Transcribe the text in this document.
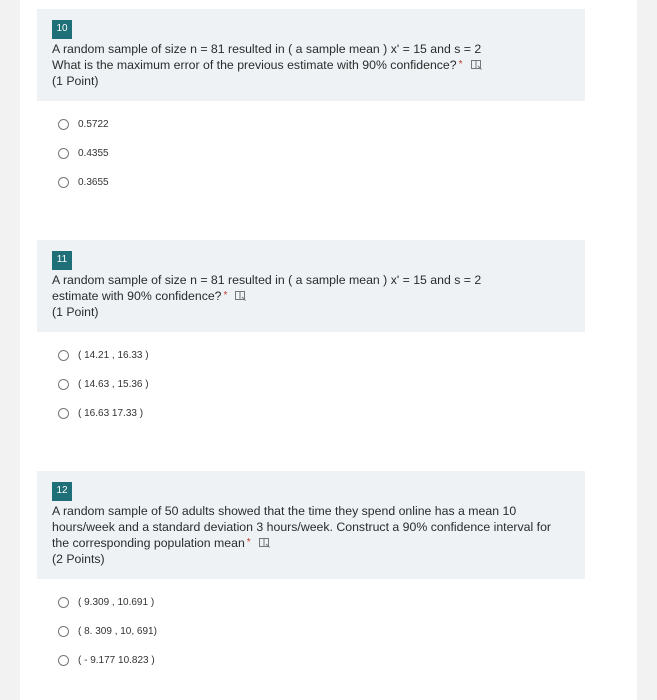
10
A random sample of size n = 81 resulted in ( a sample mean ) x' = 15 and s = 2
What is the maximum error of the previous estimate with 90% confidence? *
(1 Point)
0.5722
0.4355
0.3655
11
A random sample of size n = 81 resulted in ( a sample mean ) x' = 15 and s = 2
estimate with 90% confidence? *
(1 Point)
( 14.21 , 16.33 )
( 14.63 , 15.36 )
( 16.63 17.33 )
12
A random sample of 50 adults showed that the time they spend online has a mean 10 hours/week and a standard deviation 3 hours/week. Construct a 90% confidence interval for the corresponding population mean *
(2 Points)
( 9.309 , 10.691 )
( 8. 309 , 10, 691)
( - 9.177 10.823 )
